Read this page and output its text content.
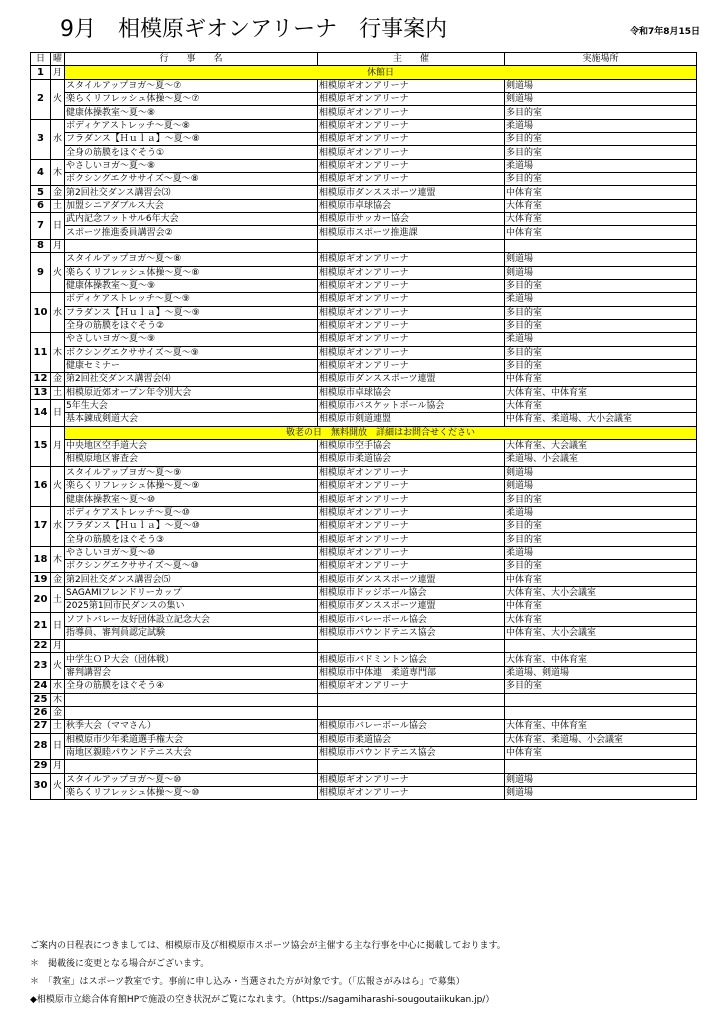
9月　相模原ギオンアリーナ　行事案内	令和7年8月15日
日	曜	行　　事　　名	主　　催	実施場所
1	月	休館日		
2	火	スタイルアップヨガ～夏～⑦	相模原ギオンアリーナ	剣道場
		楽らくリフレッシュ体操～夏～⑦	相模原ギオンアリーナ	剣道場
		健康体操教室～夏～⑧	相模原ギオンアリーナ	多目的室
3	水	ボディケアストレッチ～夏～⑧	相模原ギオンアリーナ	柔道場
		フラダンス【Ｈｕｌａ】～夏～⑧	相模原ギオンアリーナ	多目的室
		全身の筋膜をほぐそう①	相模原ギオンアリーナ	多目的室
4	木	やさしいヨガ～夏～⑧	相模原ギオンアリーナ	柔道場
		ボクシングエクササイズ～夏～⑧	相模原ギオンアリーナ	多目的室
5	金	第2回社交ダンス講習会⑶	相模原市ダンススポーツ連盟	中体育室
6	土	加盟シニアダブルス大会	相模原市卓球協会	大体育室
7	日	武内記念フットサル6年大会	相模原市サッカー協会	大体育室
		スポーツ推進委員講習会②	相模原市スポーツ推進課	中体育室
8	月			
9	火	スタイルアップヨガ～夏～⑧	相模原ギオンアリーナ	剣道場
		楽らくリフレッシュ体操～夏～⑧	相模原ギオンアリーナ	剣道場
		健康体操教室～夏～⑨	相模原ギオンアリーナ	多目的室
10	水	ボディケアストレッチ～夏～⑨	相模原ギオンアリーナ	柔道場
		フラダンス【Ｈｕｌａ】～夏～⑨	相模原ギオンアリーナ	多目的室
		全身の筋膜をほぐそう②	相模原ギオンアリーナ	多目的室
11	木	やさしいヨガ～夏～⑨	相模原ギオンアリーナ	柔道場
		ボクシングエクササイズ～夏～⑨	相模原ギオンアリーナ	多目的室
		健康セミナー	相模原ギオンアリーナ	多目的室
12	金	第2回社交ダンス講習会⑷	相模原市ダンススポーツ連盟	中体育室
13	土	相模原近郊オープン年令別大会	相模原市卓球協会	大体育室、中体育室
14	日	5年生大会	相模原市バスケットボール協会	大体育室
		基本錬成剣道大会	相模原市剣道連盟	中体育室、柔道場、大小会議室
15	月	敬老の日　無料開放　詳細はお問合せください		
		中央地区空手道大会	相模原市空手協会	大体育室、大会議室
		相模原地区審査会	相模原市柔道協会	柔道場、小会議室
16	火	スタイルアップヨガ～夏～⑨	相模原ギオンアリーナ	剣道場
		楽らくリフレッシュ体操～夏～⑨	相模原ギオンアリーナ	剣道場
		健康体操教室～夏～⑩	相模原ギオンアリーナ	多目的室
17	水	ボディケアストレッチ～夏～⑩	相模原ギオンアリーナ	柔道場
		フラダンス【Ｈｕｌａ】～夏～⑩	相模原ギオンアリーナ	多目的室
		全身の筋膜をほぐそう③	相模原ギオンアリーナ	多目的室
18	木	やさしいヨガ～夏～⑩	相模原ギオンアリーナ	柔道場
		ボクシングエクササイズ～夏～⑩	相模原ギオンアリーナ	多目的室
19	金	第2回社交ダンス講習会⑸	相模原市ダンススポーツ連盟	中体育室
20	土	SAGAMIフレンドリーカップ	相模原市ドッジボール協会	大体育室、大小会議室
		2025第1回市民ダンスの集い	相模原市ダンススポーツ連盟	中体育室
21	日	ソフトバレー友好団体設立記念大会	相模原市バレーボール協会	大体育室
		指導員、審判員認定試験	相模原市パウンドテニス協会	中体育室、大小会議室
22	月			
23	火	中学生ＯＰ大会（団体戦）	相模原市バドミントン協会	大体育室、中体育室
		審判講習会	相模原市中体連　柔道専門部	柔道場、剣道場
24	水	全身の筋膜をほぐそう④	相模原ギオンアリーナ	多目的室
25	木			
26	金			
27	土	秋季大会（ママさん）	相模原市バレーボール協会	大体育室、中体育室
28	日	相模原市少年柔道選手権大会	相模原市柔道協会	大体育室、柔道場、小会議室
		南地区親睦パウンドテニス大会	相模原市パウンドテニス協会	中体育室
29	月			
30	火	スタイルアップヨガ～夏～⑩	相模原ギオンアリーナ	剣道場
		楽らくリフレッシュ体操～夏～⑩	相模原ギオンアリーナ	剣道場
ご案内の日程表につきましては、相模原市及び相模原市スポーツ協会が主催する主な行事を中心に掲載しております。
＊　掲載後に変更となる場合がございます。
＊　「教室」はスポーツ教室です。事前に申し込み・当選された方が対象です。（「広報さがみはら」で募集）
◆相模原市立総合体育館HPで施設の空き状況がご覧になれます。（https://sagamiharashi-sougoutaiikukan.jp/）
